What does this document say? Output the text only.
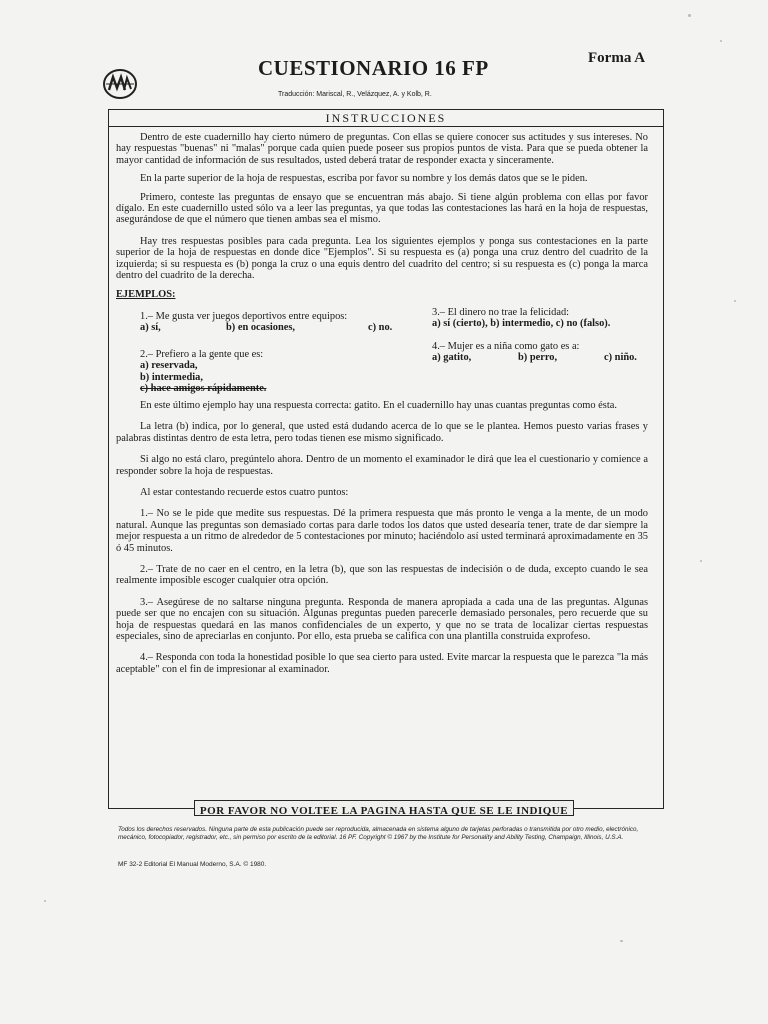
CUESTIONARIO 16 FP	Forma A
Traducción: Mariscal, R., Velázquez, A. y Kolb, R.
INSTRUCCIONES

Dentro de este cuadernillo hay cierto número de preguntas. Con ellas se quiere conocer sus actitudes y sus intereses. No hay respuestas "buenas" ni "malas" porque cada quien puede poseer sus propios puntos de vista. Para que se pueda obtener la mayor cantidad de información de sus resultados, usted deberá tratar de responder exacta y sinceramente.

En la parte superior de la hoja de respuestas, escriba por favor su nombre y los demás datos que se le piden.

Primero, conteste las preguntas de ensayo que se encuentran más abajo. Si tiene algún problema con ellas por favor dígalo. En este cuadernillo usted sólo va a leer las preguntas, ya que todas las contestaciones las hará en la hoja de respuestas, asegurándose de que el número que tienen ambas sea el mismo.

Hay tres respuestas posibles para cada pregunta. Lea los siguientes ejemplos y ponga sus contestaciones en la parte superior de la hoja de respuestas en donde dice "Ejemplos". Si su respuesta es (a) ponga una cruz dentro del cuadrito de la izquierda; si su respuesta es (b) ponga la cruz o una equis dentro del cuadrito del centro; si su respuesta es (c) ponga la marca dentro del cuadrito de la derecha.

EJEMPLOS:

1.– Me gusta ver juegos deportivos entre equipos:
a) sí,	b) en ocasiones,	c) no.
3.– El dinero no trae la felicidad:
a) sí (cierto), b) intermedio, c) no (falso).
2.– Prefiero a la gente que es:
a) reservada,
b) intermedia,
c) hace amigos rápidamente.
4.– Mujer es a niña como gato es a:
a) gatito,	b) perro,	c) niño.

En este último ejemplo hay una respuesta correcta: gatito. En el cuadernillo hay unas cuantas preguntas como ésta.

La letra (b) indica, por lo general, que usted está dudando acerca de lo que se le plantea. Hemos puesto varias frases y palabras distintas dentro de esta letra, pero todas tienen ese mismo significado.

Si algo no está claro, pregúntelo ahora. Dentro de un momento el examinador le dirá que lea el cuestionario y comience a responder sobre la hoja de respuestas.

Al estar contestando recuerde estos cuatro puntos:

1.– No se le pide que medite sus respuestas. Dé la primera respuesta que más pronto le venga a la mente, de un modo natural. Aunque las preguntas son demasiado cortas para darle todos los datos que usted desearía tener, trate de dar siempre la mejor respuesta a un ritmo de alrededor de 5 contestaciones por minuto; haciéndolo así usted terminará aproximadamente en 35 ó 45 minutos.

2.– Trate de no caer en el centro, en la letra (b), que son las respuestas de indecisión o de duda, excepto cuando le sea realmente imposible escoger cualquier otra opción.

3.– Asegúrese de no saltarse ninguna pregunta. Responda de manera apropiada a cada una de las preguntas. Algunas puede ser que no encajen con su situación. Algunas preguntas pueden parecerle demasiado personales, pero recuerde que su hoja de respuestas quedará en las manos confidenciales de un experto, y que no se trata de localizar ciertas respuestas especiales, sino de apreciarlas en conjunto. Por ello, esta prueba se califica con una plantilla construida exprofeso.

4.– Responda con toda la honestidad posible lo que sea cierto para usted. Evite marcar la respuesta que le parezca "la más aceptable" con el fin de impresionar al examinador.

POR FAVOR NO VOLTEE LA PAGINA HASTA QUE SE LE INDIQUE
Todos los derechos reservados. Ninguna parte de esta publicación puede ser reproducida, almacenada en sistema alguno de tarjetas perforadas o transmitida por otro medio, electrónico, mecánico, fotocopiador, registrador, etc., sin permiso por escrito de la editorial. 16 PF. Copyright © 1967 by the Institute for Personality and Ability Testing, Champaign, Illinois, U.S.A.
MF 32-2 Editorial El Manual Moderno, S.A. © 1980.
